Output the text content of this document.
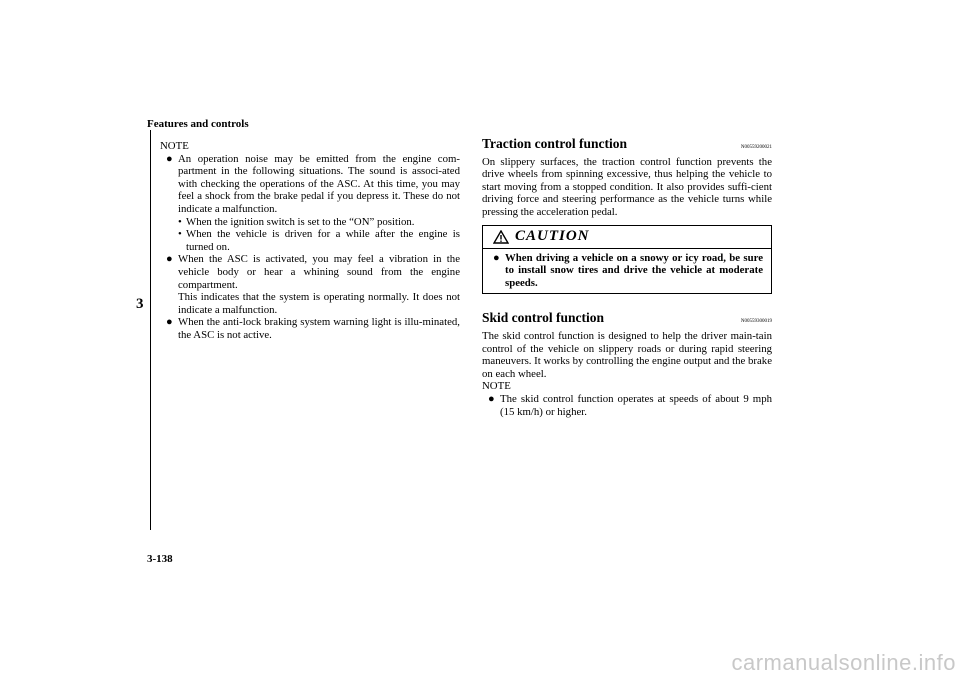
Features and controls
3
NOTE
● An operation noise may be emitted from the engine com-partment in the following situations. The sound is associ-ated with checking the operations of the ASC. At this time, you may feel a shock from the brake pedal if you depress it. These do not indicate a malfunction.
• When the ignition switch is set to the “ON” position.
• When the vehicle is driven for a while after the engine is turned on.
● When the ASC is activated, you may feel a vibration in the vehicle body or hear a whining sound from the engine compartment.
This indicates that the system is operating normally. It does not indicate a malfunction.
● When the anti-lock braking system warning light is illu-minated, the ASC is not active.
Traction control function	N00559200021
On slippery surfaces, the traction control function prevents the drive wheels from spinning excessive, thus helping the vehicle to start moving from a stopped condition. It also provides suffi-cient driving force and steering performance as the vehicle turns while pressing the acceleration pedal.
CAUTION
● When driving a vehicle on a snowy or icy road, be sure to install snow tires and drive the vehicle at moderate speeds.
Skid control function	N00559300019
The skid control function is designed to help the driver main-tain control of the vehicle on slippery roads or during rapid steering maneuvers. It works by controlling the engine output and the brake on each wheel.
NOTE
● The skid control function operates at speeds of about 9 mph (15 km/h) or higher.
3-138
carmanualsonline.info
